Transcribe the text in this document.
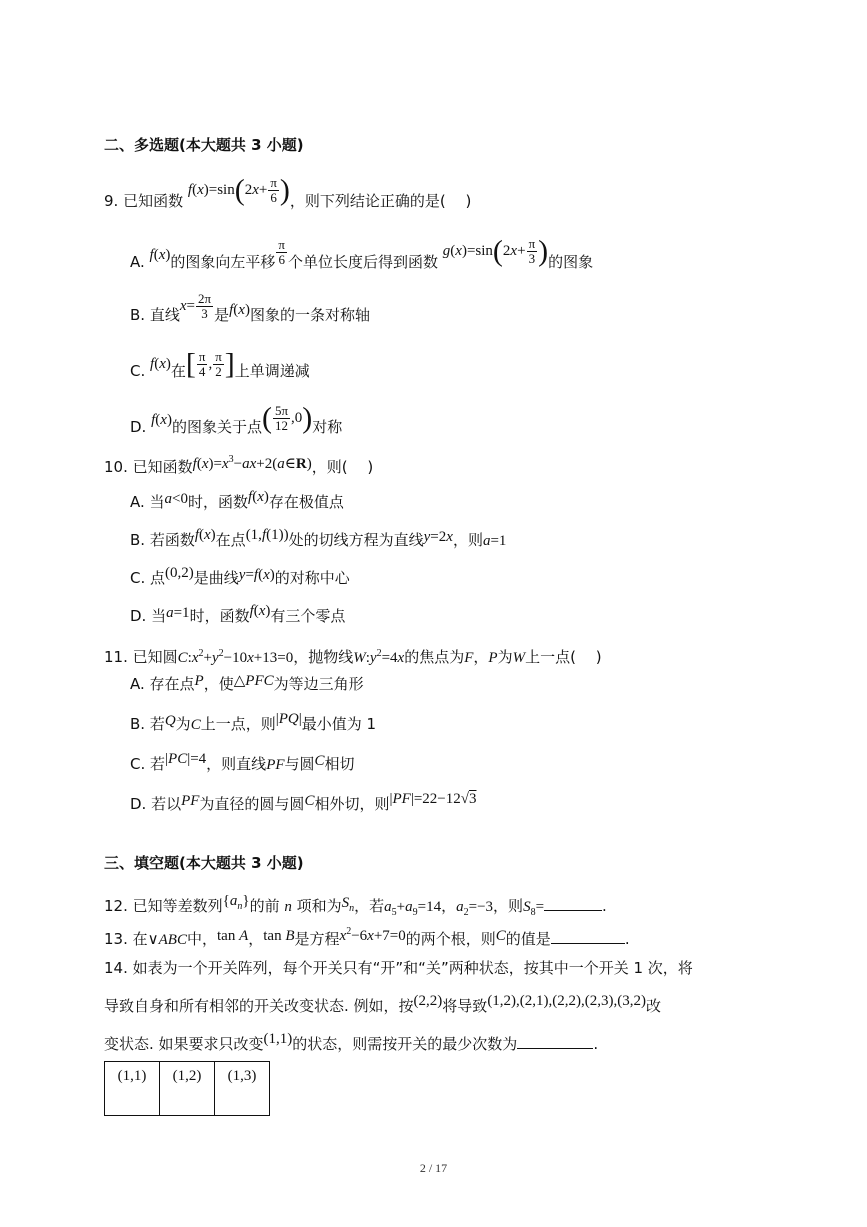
二、多选题(本大题共 3 小题)
9. 已知函数 $f(x)=\sin(2x+ \frac{\pi}{6}$ )，则下列结论正确的是(　 )
A. f(x)的图象向左平移 $\frac{\pi}{6}$ 个单位长度后得到函数 $g(x)=\sin(2x+ \frac{\pi}{3}$ )的图象
B. 直线$x= \frac{2\pi}{3}$ 是f(x)图象的一条对称轴
C. f(x)在[ $\frac{\pi}{4}$ , $\frac{\pi}{2}$ ]上单调递减
D. f(x)的图象关于点( $\frac{5\pi}{12} ,0$)对称
10. 已知函数$f(x)=x^3-ax+2(a\in R)$，则(　 )
A. 当a<0时，函数f(x)存在极值点
B. 若函数f(x)在点(1,f(1))处的切线方程为直线y=2x，则a=1
C. 点(0,2)是曲线y=f(x)的对称中心
D. 当a=1时，函数f(x)有三个零点
11. 已知圆$C:x^2+y^2-10x+13=0$，抛物线$W:y^2=4x$的焦点为F，P为W上一点(　 )
A. 存在点P，使△PFC为等边三角形
B. 若Q为C上一点，则|PQ|最小值为 1
C. 若|PC|=4，则直线PF与圆C相切
D. 若以PF为直径的圆与圆C相外切，则|PF|=22−12√3
三、填空题(本大题共 3 小题)
12. 已知等差数列$\{a_n\}$的前 n 项和为$S_n$，若$a_5+a_9=14$，$a_2=-3$，则$S_8=$	.
13. 在∨ABC中，tan A，tan B是方程$x^2-6x+7=0$的两个根，则C的值是	.
14. 如表为一个开关阵列，每个开关只有“开”和“关”两种状态，按其中一个开关 1 次，将
导致自身和所有相邻的开关改变状态. 例如，按(2,2)将导致(1,2),(2,1),(2,2),(2,3),(3,2)改
变状态. 如果要求只改变(1,1)的状态，则需按开关的最少次数为	.
(1,1)	(1,2)	(1,3)
2 / 17
